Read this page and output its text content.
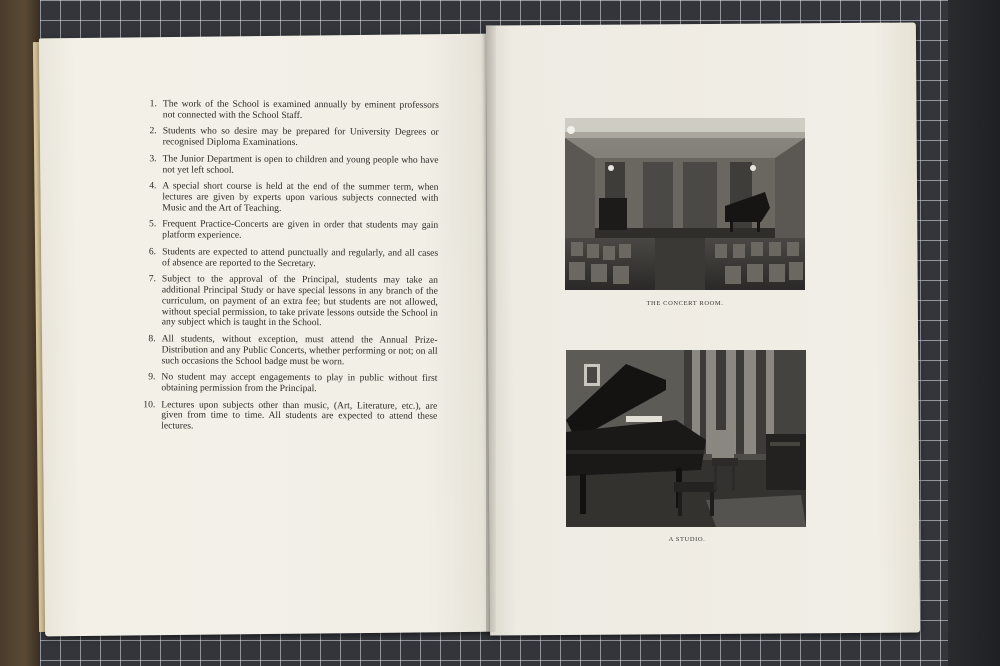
1. The work of the School is examined annually by eminent professors not connected with the School Staff.
2. Students who so desire may be prepared for University Degrees or recognised Diploma Examinations.
3. The Junior Department is open to children and young people who have not yet left school.
4. A special short course is held at the end of the summer term, when lectures are given by experts upon various subjects connected with Music and the Art of Teaching.
5. Frequent Practice-Concerts are given in order that students may gain platform experience.
6. Students are expected to attend punctually and regularly, and all cases of absence are reported to the Secretary.
7. Subject to the approval of the Principal, students may take an additional Principal Study or have special lessons in any branch of the curriculum, on payment of an extra fee; but students are not allowed, without special permission, to take private lessons outside the School in any subject which is taught in the School.
8. All students, without exception, must attend the Annual Prize-Distribution and any Public Concerts, whether performing or not; on all such occasions the School badge must be worn.
9. No student may accept engagements to play in public without first obtaining permission from the Principal.
10. Lectures upon subjects other than music, (Art, Literature, etc.), are given from time to time. All students are expected to attend these lectures.
THE CONCERT ROOM.
A STUDIO.
